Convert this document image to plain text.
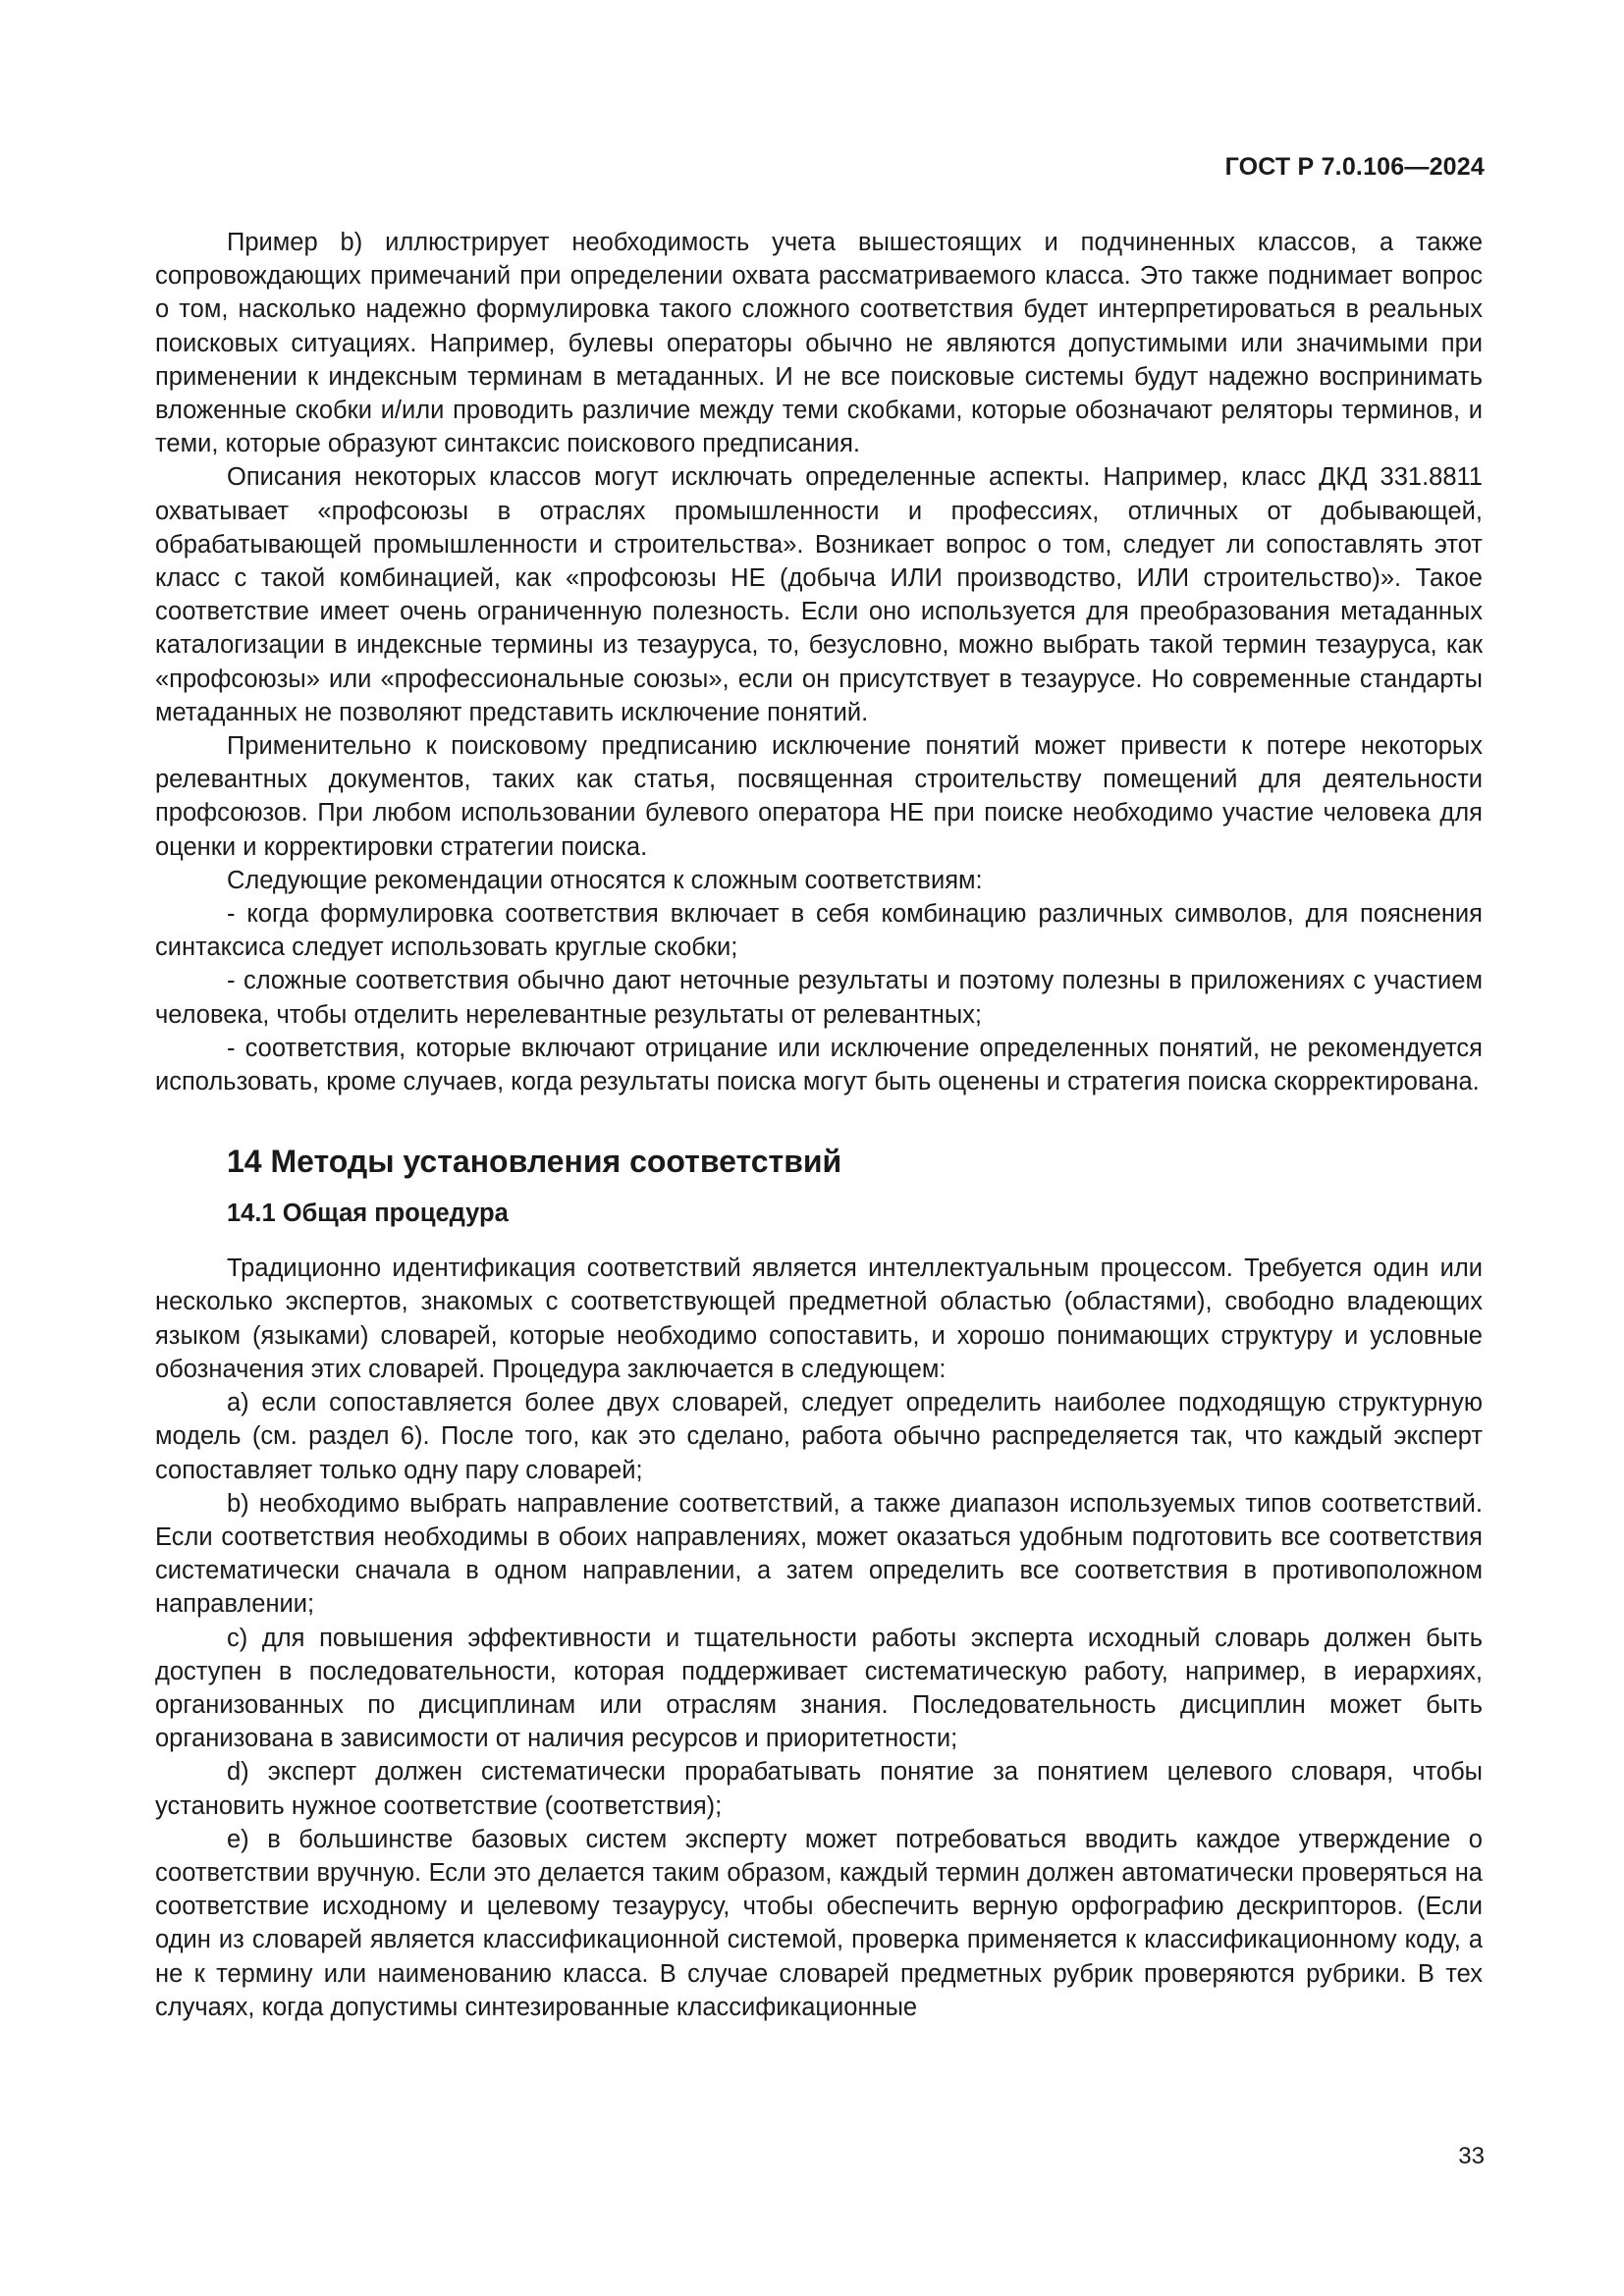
ГОСТ Р 7.0.106—2024

Пример b) иллюстрирует необходимость учета вышестоящих и подчиненных классов, а также сопровождающих примечаний при определении охвата рассматриваемого класса. Это также поднимает вопрос о том, насколько надежно формулировка такого сложного соответствия будет интерпретироваться в реальных поисковых ситуациях. Например, булевы операторы обычно не являются допустимыми или значимыми при применении к индексным терминам в метаданных. И не все поисковые системы будут надежно воспринимать вложенные скобки и/или проводить различие между теми скобками, которые обозначают реляторы терминов, и теми, которые образуют синтаксис поискового предписания.

Описания некоторых классов могут исключать определенные аспекты. Например, класс ДКД 331.8811 охватывает «профсоюзы в отраслях промышленности и профессиях, отличных от добывающей, обрабатывающей промышленности и строительства». Возникает вопрос о том, следует ли сопоставлять этот класс с такой комбинацией, как «профсоюзы НЕ (добыча ИЛИ производство, ИЛИ строительство)». Такое соответствие имеет очень ограниченную полезность. Если оно используется для преобразования метаданных каталогизации в индексные термины из тезауруса, то, безусловно, можно выбрать такой термин тезауруса, как «профсоюзы» или «профессиональные союзы», если он присутствует в тезаурусе. Но современные стандарты метаданных не позволяют представить исключение понятий.

Применительно к поисковому предписанию исключение понятий может привести к потере некоторых релевантных документов, таких как статья, посвященная строительству помещений для деятельности профсоюзов. При любом использовании булевого оператора НЕ при поиске необходимо участие человека для оценки и корректировки стратегии поиска.

Следующие рекомендации относятся к сложным соответствиям:

- когда формулировка соответствия включает в себя комбинацию различных символов, для пояснения синтаксиса следует использовать круглые скобки;

- сложные соответствия обычно дают неточные результаты и поэтому полезны в приложениях с участием человека, чтобы отделить нерелевантные результаты от релевантных;

- соответствия, которые включают отрицание или исключение определенных понятий, не рекомендуется использовать, кроме случаев, когда результаты поиска могут быть оценены и стратегия поиска скорректирована.

14 Методы установления соответствий
14.1 Общая процедура

Традиционно идентификация соответствий является интеллектуальным процессом. Требуется один или несколько экспертов, знакомых с соответствующей предметной областью (областями), свободно владеющих языком (языками) словарей, которые необходимо сопоставить, и хорошо понимающих структуру и условные обозначения этих словарей. Процедура заключается в следующем:

a) если сопоставляется более двух словарей, следует определить наиболее подходящую структурную модель (см. раздел 6). После того, как это сделано, работа обычно распределяется так, что каждый эксперт сопоставляет только одну пару словарей;

b) необходимо выбрать направление соответствий, а также диапазон используемых типов соответствий. Если соответствия необходимы в обоих направлениях, может оказаться удобным подготовить все соответствия систематически сначала в одном направлении, а затем определить все соответствия в противоположном направлении;

c) для повышения эффективности и тщательности работы эксперта исходный словарь должен быть доступен в последовательности, которая поддерживает систематическую работу, например, в иерархиях, организованных по дисциплинам или отраслям знания. Последовательность дисциплин может быть организована в зависимости от наличия ресурсов и приоритетности;

d) эксперт должен систематически прорабатывать понятие за понятием целевого словаря, чтобы установить нужное соответствие (соответствия);

e) в большинстве базовых систем эксперту может потребоваться вводить каждое утверждение о соответствии вручную. Если это делается таким образом, каждый термин должен автоматически проверяться на соответствие исходному и целевому тезаурусу, чтобы обеспечить верную орфографию дескрипторов. (Если один из словарей является классификационной системой, проверка применяется к классификационному коду, а не к термину или наименованию класса. В случае словарей предметных рубрик проверяются рубрики. В тех случаях, когда допустимы синтезированные классификационные

33
